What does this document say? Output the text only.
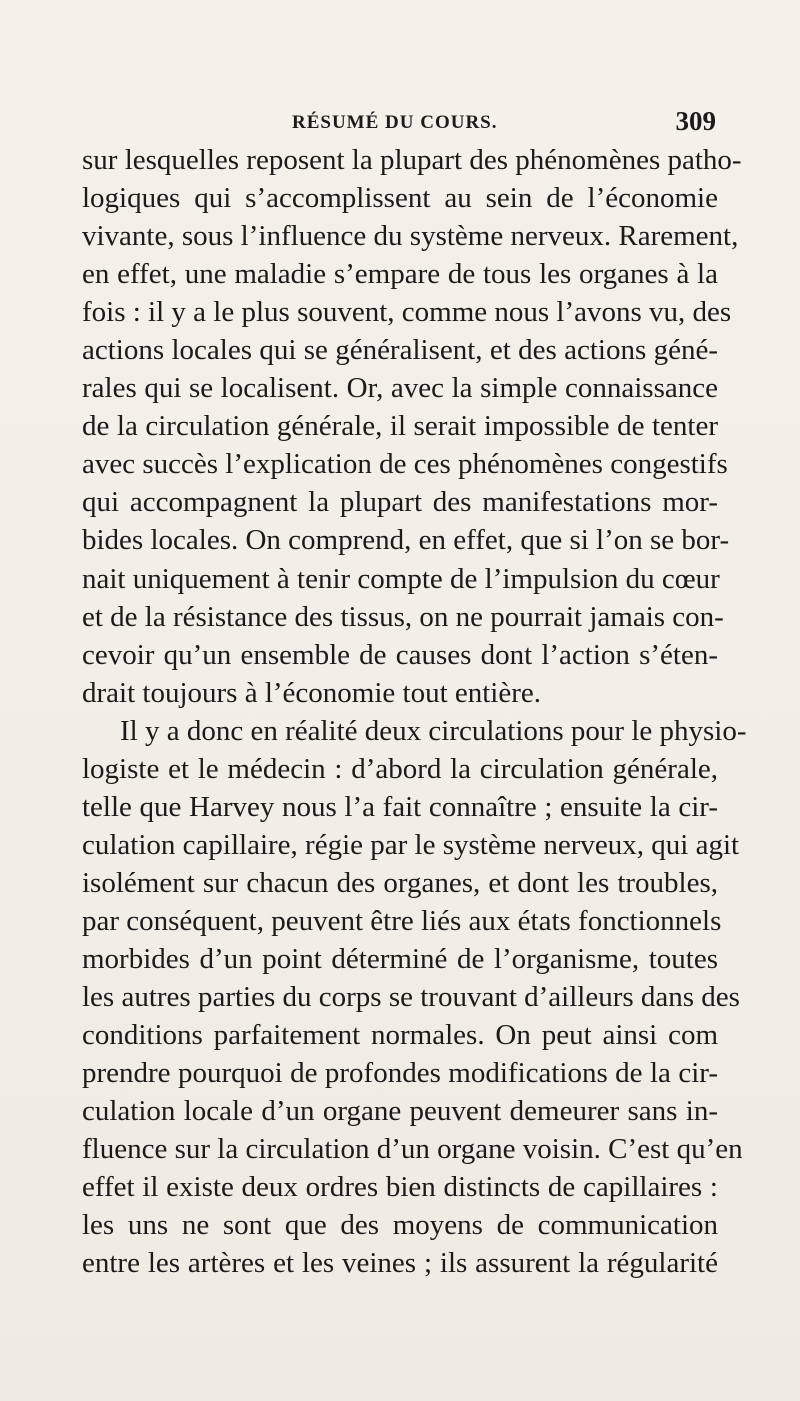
RÉSUMÉ DU COURS.	309
sur lesquelles reposent la plupart des phénomènes patho-
logiques qui s’accomplissent au sein de l’économie
vivante, sous l’influence du système nerveux. Rarement,
en effet, une maladie s’empare de tous les organes à la
fois : il y a le plus souvent, comme nous l’avons vu, des
actions locales qui se généralisent, et des actions géné-
rales qui se localisent. Or, avec la simple connaissance
de la circulation générale, il serait impossible de tenter
avec succès l’explication de ces phénomènes congestifs
qui accompagnent la plupart des manifestations mor-
bides locales. On comprend, en effet, que si l’on se bor-
nait uniquement à tenir compte de l’impulsion du cœur
et de la résistance des tissus, on ne pourrait jamais con-
cevoir qu’un ensemble de causes dont l’action s’éten-
drait toujours à l’économie tout entière.
Il y a donc en réalité deux circulations pour le physio-
logiste et le médecin : d’abord la circulation générale,
telle que Harvey nous l’a fait connaître ; ensuite la cir-
culation capillaire, régie par le système nerveux, qui agit
isolément sur chacun des organes, et dont les troubles,
par conséquent, peuvent être liés aux états fonctionnels
morbides d’un point déterminé de l’organisme, toutes
les autres parties du corps se trouvant d’ailleurs dans des
conditions parfaitement normales. On peut ainsi com
prendre pourquoi de profondes modifications de la cir-
culation locale d’un organe peuvent demeurer sans in-
fluence sur la circulation d’un organe voisin. C’est qu’en
effet il existe deux ordres bien distincts de capillaires :
les uns ne sont que des moyens de communication
entre les artères et les veines ; ils assurent la régularité
